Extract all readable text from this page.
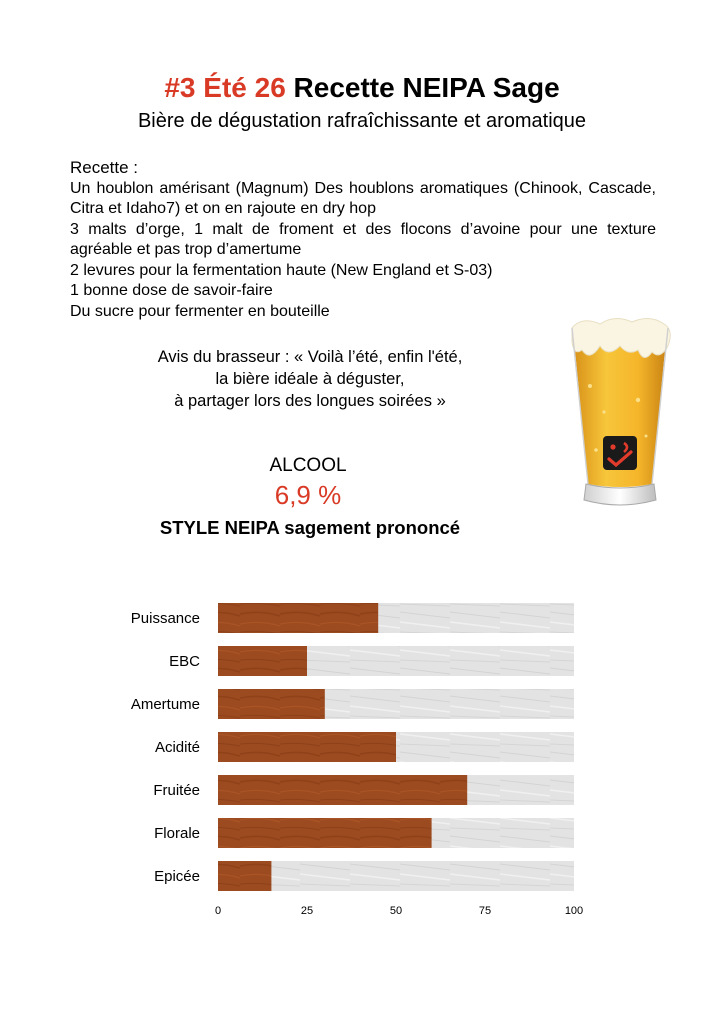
#3 Été 26 Recette NEIPA Sage
Bière de dégustation rafraîchissante et aromatique

Recette :

Un houblon amérisant (Magnum) Des houblons aromatiques (Chinook, Cascade, Citra et Idaho7) et on en rajoute en dry hop

3 malts d’orge, 1 malt de froment et des flocons d’avoine pour une texture agréable et pas trop d’amertume

2 levures pour la fermentation haute (New England et S-03)

1 bonne dose de savoir-faire

Du sucre pour fermenter en bouteille

Avis du brasseur : « Voilà l’été, enfin l'été,

la bière idéale à déguster,

à partager lors des longues soirées »

ALCOOL
6,9 %
STYLE NEIPA sagement prononcé
Puissance
EBC
Amertume
Acidité
Fruitée
Florale
Epicée
0	25	50	75	100
